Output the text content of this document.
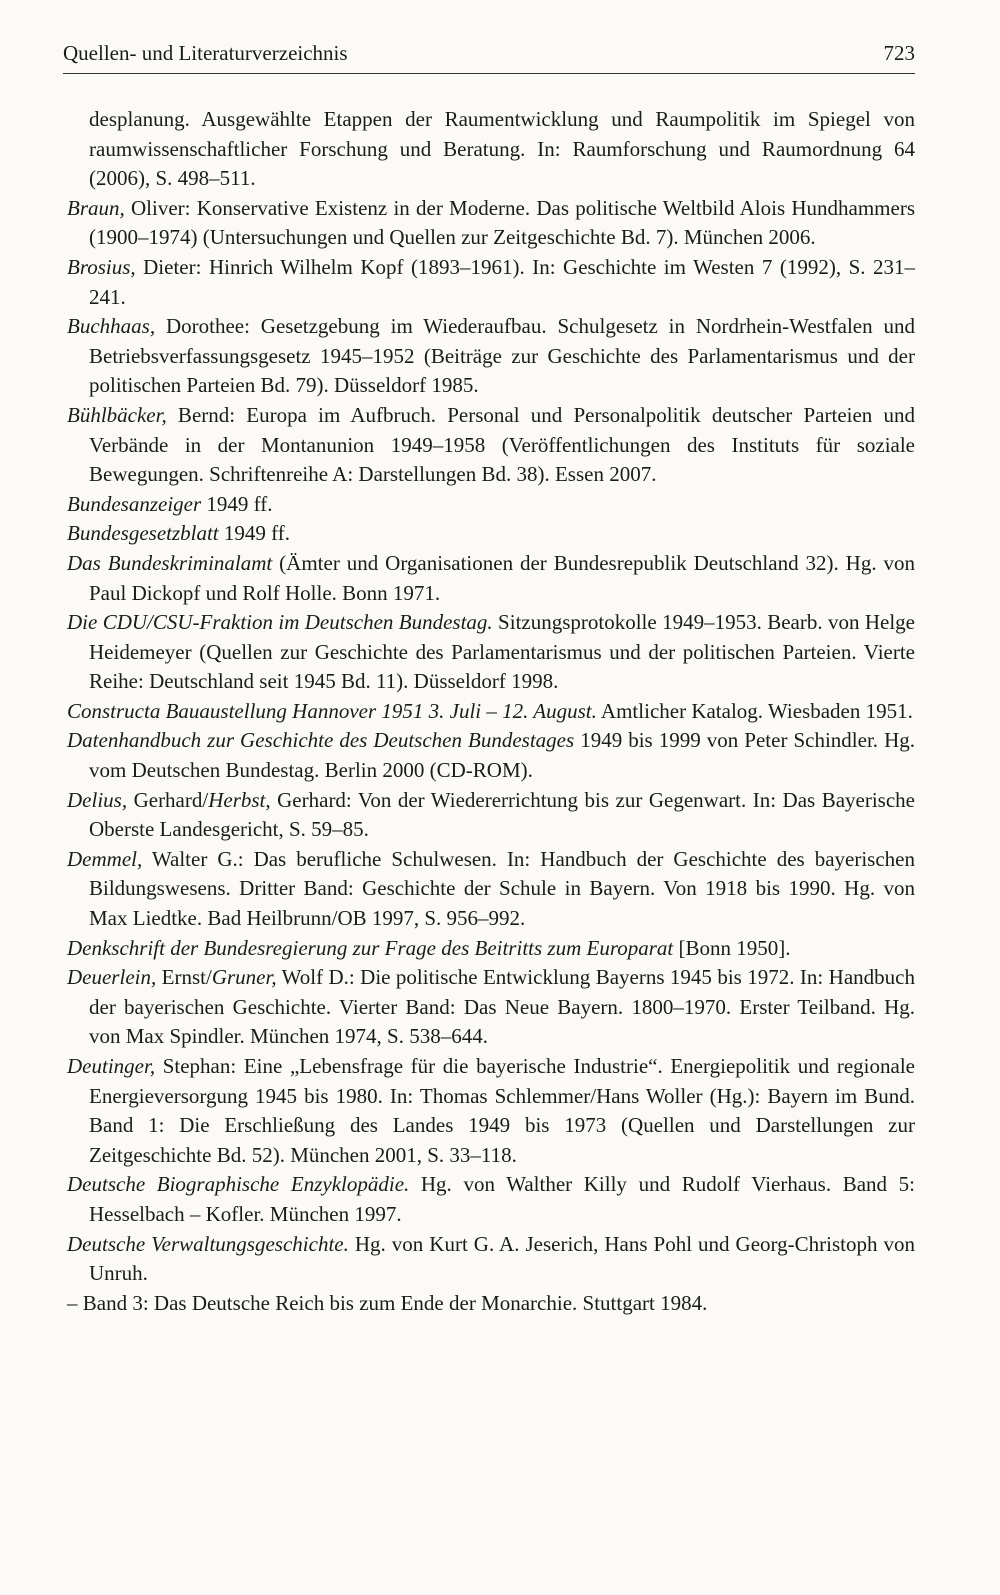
Quellen- und Literaturverzeichnis	723

desplanung. Ausgewählte Etappen der Raumentwicklung und Raumpolitik im Spiegel von raumwissenschaftlicher Forschung und Beratung. In: Raumforschung und Raumordnung 64 (2006), S. 498–511.

Braun, Oliver: Konservative Existenz in der Moderne. Das politische Weltbild Alois Hundhammers (1900–1974) (Untersuchungen und Quellen zur Zeitgeschichte Bd. 7). München 2006.

Brosius, Dieter: Hinrich Wilhelm Kopf (1893–1961). In: Geschichte im Westen 7 (1992), S. 231–241.

Buchhaas, Dorothee: Gesetzgebung im Wiederaufbau. Schulgesetz in Nordrhein-Westfalen und Betriebsverfassungsgesetz 1945–1952 (Beiträge zur Geschichte des Parlamentarismus und der politischen Parteien Bd. 79). Düsseldorf 1985.

Bühlbäcker, Bernd: Europa im Aufbruch. Personal und Personalpolitik deutscher Parteien und Verbände in der Montanunion 1949–1958 (Veröffentlichungen des Instituts für soziale Bewegungen. Schriftenreihe A: Darstellungen Bd. 38). Essen 2007.

Bundesanzeiger 1949 ff.

Bundesgesetzblatt 1949 ff.

Das Bundeskriminalamt (Ämter und Organisationen der Bundesrepublik Deutschland 32). Hg. von Paul Dickopf und Rolf Holle. Bonn 1971.

Die CDU/CSU-Fraktion im Deutschen Bundestag. Sitzungsprotokolle 1949–1953. Bearb. von Helge Heidemeyer (Quellen zur Geschichte des Parlamentarismus und der politischen Parteien. Vierte Reihe: Deutschland seit 1945 Bd. 11). Düsseldorf 1998.

Constructa Bauaustellung Hannover 1951 3. Juli – 12. August. Amtlicher Katalog. Wiesbaden 1951.

Datenhandbuch zur Geschichte des Deutschen Bundestages 1949 bis 1999 von Peter Schindler. Hg. vom Deutschen Bundestag. Berlin 2000 (CD-ROM).

Delius, Gerhard/Herbst, Gerhard: Von der Wiedererrichtung bis zur Gegenwart. In: Das Bayerische Oberste Landesgericht, S. 59–85.

Demmel, Walter G.: Das berufliche Schulwesen. In: Handbuch der Geschichte des bayerischen Bildungswesens. Dritter Band: Geschichte der Schule in Bayern. Von 1918 bis 1990. Hg. von Max Liedtke. Bad Heilbrunn/OB 1997, S. 956–992.

Denkschrift der Bundesregierung zur Frage des Beitritts zum Europarat [Bonn 1950].

Deuerlein, Ernst/Gruner, Wolf D.: Die politische Entwicklung Bayerns 1945 bis 1972. In: Handbuch der bayerischen Geschichte. Vierter Band: Das Neue Bayern. 1800–1970. Erster Teilband. Hg. von Max Spindler. München 1974, S. 538–644.

Deutinger, Stephan: Eine „Lebensfrage für die bayerische Industrie“. Energiepolitik und regionale Energieversorgung 1945 bis 1980. In: Thomas Schlemmer/Hans Woller (Hg.): Bayern im Bund. Band 1: Die Erschließung des Landes 1949 bis 1973 (Quellen und Darstellungen zur Zeitgeschichte Bd. 52). München 2001, S. 33–118.

Deutsche Biographische Enzyklopädie. Hg. von Walther Killy und Rudolf Vierhaus. Band 5: Hesselbach – Kofler. München 1997.

Deutsche Verwaltungsgeschichte. Hg. von Kurt G. A. Jeserich, Hans Pohl und Georg-Christoph von Unruh.

– Band 3: Das Deutsche Reich bis zum Ende der Monarchie. Stuttgart 1984.
